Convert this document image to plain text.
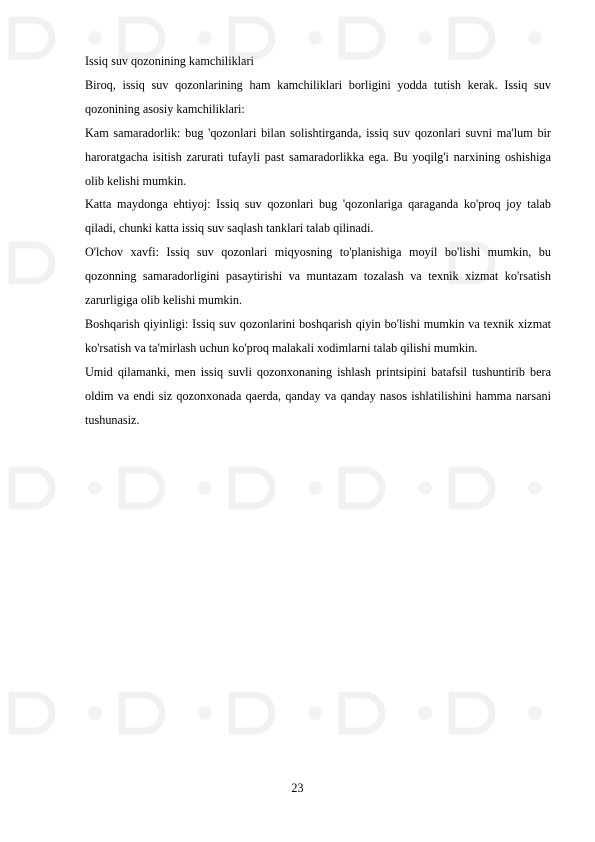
Issiq suv qozonining kamchiliklari

Biroq, issiq suv qozonlarining ham kamchiliklari borligini yodda tutish kerak. Issiq suv qozonining asosiy kamchiliklari:

Kam samaradorlik: bug 'qozonlari bilan solishtirganda, issiq suv qozonlari suvni ma'lum bir haroratgacha isitish zarurati tufayli past samaradorlikka ega. Bu yoqilg'i narxining oshishiga olib kelishi mumkin.

Katta maydonga ehtiyoj: Issiq suv qozonlari bug 'qozonlariga qaraganda ko'proq joy talab qiladi, chunki katta issiq suv saqlash tanklari talab qilinadi.

O'lchov xavfi: Issiq suv qozonlari miqyosning to'planishiga moyil bo'lishi mumkin, bu qozonning samaradorligini pasaytirishi va muntazam tozalash va texnik xizmat ko'rsatish zarurligiga olib kelishi mumkin.

Boshqarish qiyinligi: Issiq suv qozonlarini boshqarish qiyin bo'lishi mumkin va texnik xizmat ko'rsatish va ta'mirlash uchun ko'proq malakali xodimlarni talab qilishi mumkin.

Umid qilamanki, men issiq suvli qozonxonaning ishlash printsipini batafsil tushuntirib bera oldim va endi siz qozonxonada qaerda, qanday va qanday nasos ishlatilishini hamma narsani tushunasiz.

23
